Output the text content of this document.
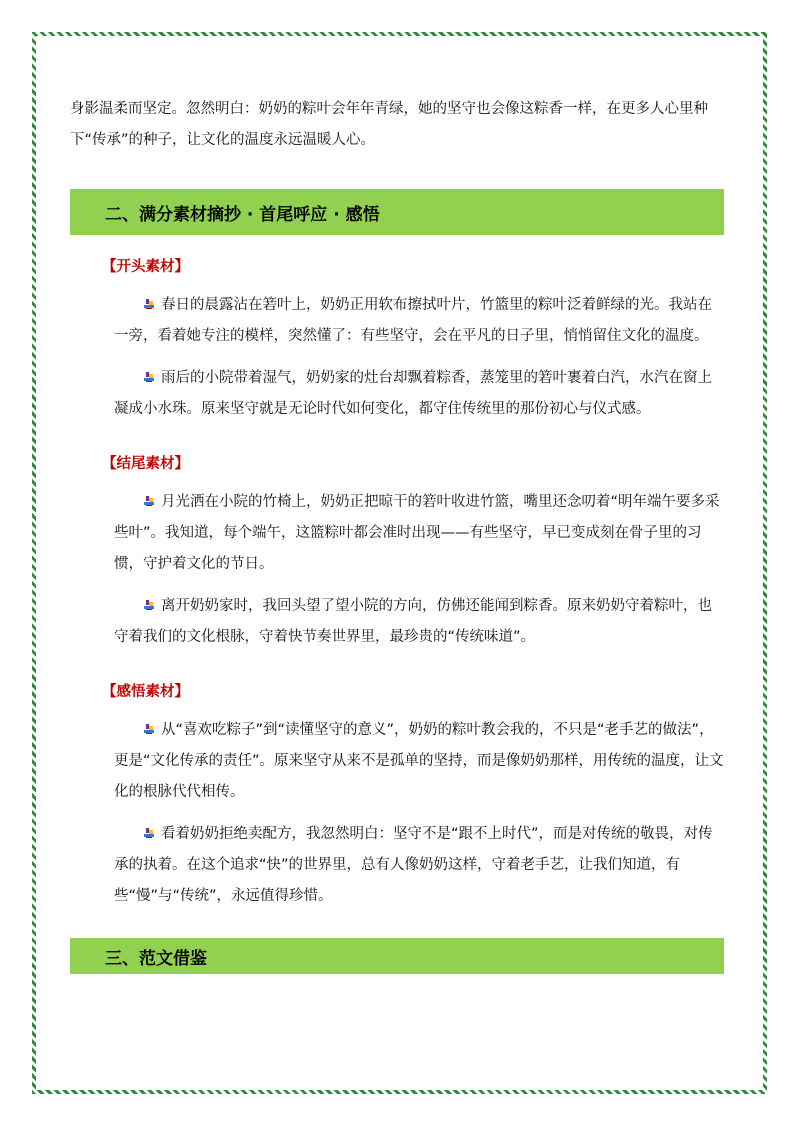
身影温柔而坚定。忽然明白：奶奶的粽叶会年年青绿，她的坚守也会像这粽香一样，在更多人心里种下“传承”的种子，让文化的温度永远温暖人心。

二、满分素材摘抄 · 首尾呼应 · 感悟
【开头素材】

春日的晨露沾在箬叶上，奶奶正用软布擦拭叶片，竹篮里的粽叶泛着鲜绿的光。我站在一旁，看着她专注的模样，突然懂了：有些坚守，会在平凡的日子里，悄悄留住文化的温度。

雨后的小院带着湿气，奶奶家的灶台却飘着粽香，蒸笼里的箬叶裹着白汽，水汽在窗上凝成小水珠。原来坚守就是无论时代如何变化，都守住传统里的那份初心与仪式感。

【结尾素材】

月光洒在小院的竹椅上，奶奶正把晾干的箬叶收进竹篮，嘴里还念叨着“明年端午要多采些叶”。我知道，每个端午，这篮粽叶都会准时出现——有些坚守，早已变成刻在骨子里的习惯，守护着文化的节日。

离开奶奶家时，我回头望了望小院的方向，仿佛还能闻到粽香。原来奶奶守着粽叶，也守着我们的文化根脉，守着快节奏世界里，最珍贵的“传统味道”。

【感悟素材】

从“喜欢吃粽子”到“读懂坚守的意义”，奶奶的粽叶教会我的，不只是“老手艺的做法”，更是“文化传承的责任”。原来坚守从来不是孤单的坚持，而是像奶奶那样，用传统的温度，让文化的根脉代代相传。

看着奶奶拒绝卖配方，我忽然明白：坚守不是“跟不上时代”，而是对传统的敬畏，对传承的执着。在这个追求“快”的世界里，总有人像奶奶这样，守着老手艺，让我们知道，有些“慢”与“传统”，永远值得珍惜。

三、范文借鉴
